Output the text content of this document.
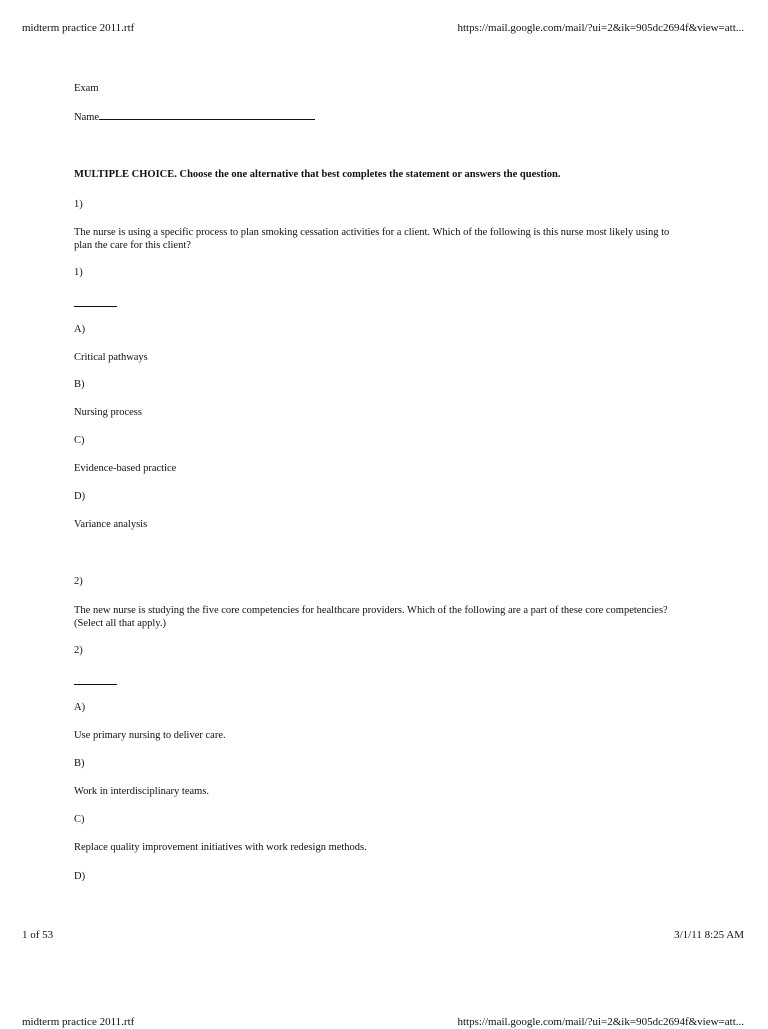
midterm practice 2011.rtf	https://mail.google.com/mail/?ui=2&ik=905dc2694f&view=att...
Exam
Name
MULTIPLE CHOICE. Choose the one alternative that best completes the statement or answers the question.
1)
The nurse is using a specific process to plan smoking cessation activities for a client. Which of the following is this nurse most likely using to plan the care for this client?
1)
A)
Critical pathways
B)
Nursing process
C)
Evidence-based practice
D)
Variance analysis
2)
The new nurse is studying the five core competencies for healthcare providers. Which of the following are a part of these core competencies? (Select all that apply.)
2)
A)
Use primary nursing to deliver care.
B)
Work in interdisciplinary teams.
C)
Replace quality improvement initiatives with work redesign methods.
D)
1 of 53	3/1/11 8:25 AM
midterm practice 2011.rtf	https://mail.google.com/mail/?ui=2&ik=905dc2694f&view=att...
